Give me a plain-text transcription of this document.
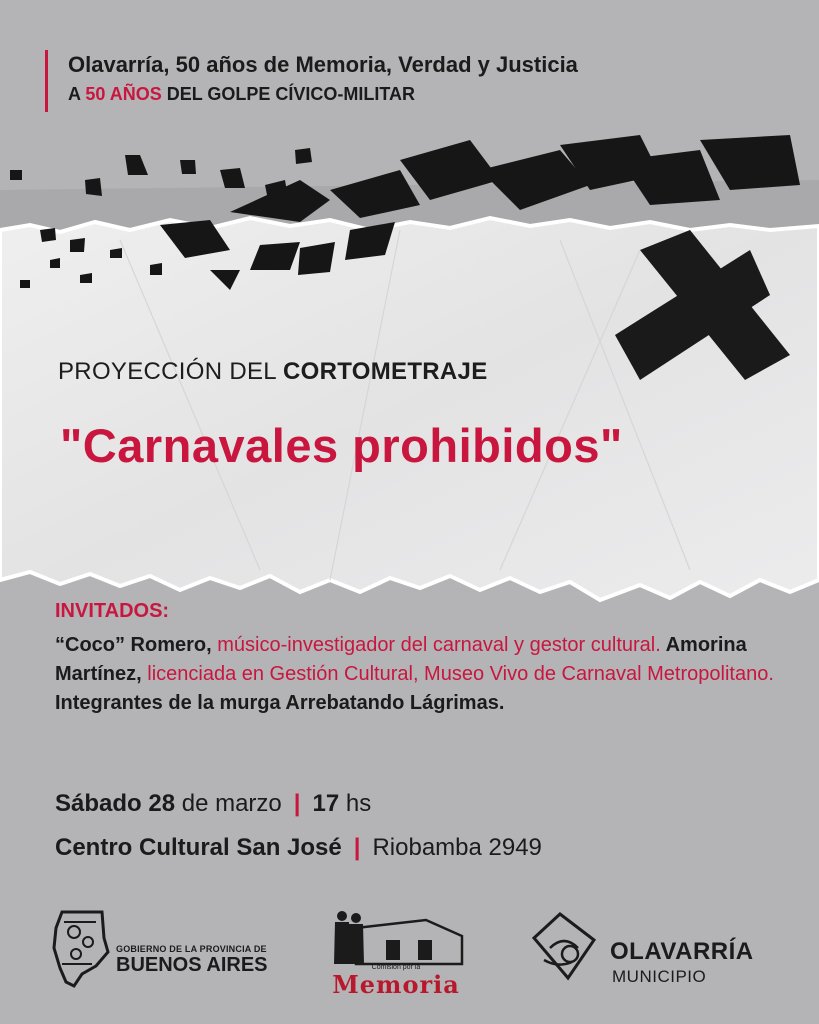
Olavarría, 50 años de Memoria, Verdad y Justicia
A 50 AÑOS DEL GOLPE CÍVICO-MILITAR
PROYECCIÓN DEL CORTOMETRAJE
"Carnavales prohibidos"
INVITADOS:
“Coco” Romero, músico-investigador del carnaval y gestor cultural. Amorina Martínez, licenciada en Gestión Cultural, Museo Vivo de Carnaval Metropolitano.
Integrantes de la murga Arrebatando Lágrimas.
Sábado 28 de marzo | 17 hs
Centro Cultural San José | Riobamba 2949
GOBIERNO DE LA PROVINCIA DE
BUENOS AIRES	Comisión por la
Memoria
OLAVARRÍA
MUNICIPIO
